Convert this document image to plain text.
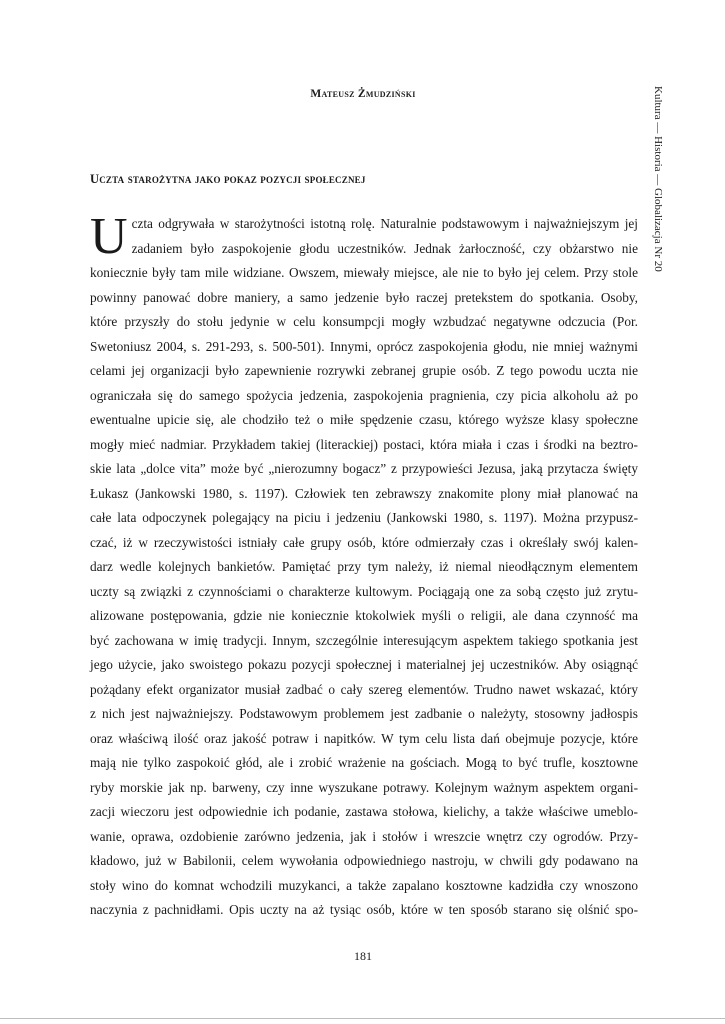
Mateusz Żmudziński	Kultura — Historia — Globalizacja Nr 20
Uczta starożytna jako pokaz pozycji społecznej
U czta odgrywała w starożytności istotną rolę. Naturalnie podstawowym i najważniejszym jej
zadaniem było zaspokojenie głodu uczestników. Jednak żarłoczność, czy obżarstwo nie
koniecznie były tam mile widziane. Owszem, miewały miejsce, ale nie to było jej celem. Przy stole
powinny panować dobre maniery, a samo jedzenie było raczej pretekstem do spotkania. Osoby,
które przyszły do stołu jedynie w celu konsumpcji mogły wzbudzać negatywne odczucia (Por.
Swetoniusz 2004, s. 291-293, s. 500-501). Innymi, oprócz zaspokojenia głodu, nie mniej ważnymi
celami jej organizacji było zapewnienie rozrywki zebranej grupie osób. Z tego powodu uczta nie
ograniczała się do samego spożycia jedzenia, zaspokojenia pragnienia, czy picia alkoholu aż po
ewentualne upicie się, ale chodziło też o miłe spędzenie czasu, którego wyższe klasy społeczne
mogły mieć nadmiar. Przykładem takiej (literackiej) postaci, która miała i czas i środki na beztro-
skie lata „dolce vita” może być „nierozumny bogacz” z przypowieści Jezusa, jaką przytacza święty
Łukasz (Jankowski 1980, s. 1197). Człowiek ten zebrawszy znakomite plony miał planować na
całe lata odpoczynek polegający na piciu i jedzeniu (Jankowski 1980, s. 1197). Można przypusz-
czać, iż w rzeczywistości istniały całe grupy osób, które odmierzały czas i określały swój kalen-
darz wedle kolejnych bankietów. Pamiętać przy tym należy, iż niemal nieodłącznym elementem
uczty są związki z czynnościami o charakterze kultowym. Pociągają one za sobą często już zrytu-
alizowane postępowania, gdzie nie koniecznie ktokolwiek myśli o religii, ale dana czynność ma
być zachowana w imię tradycji. Innym, szczególnie interesującym aspektem takiego spotkania jest
jego użycie, jako swoistego pokazu pozycji społecznej i materialnej jej uczestników. Aby osiągnąć
pożądany efekt organizator musiał zadbać o cały szereg elementów. Trudno nawet wskazać, który
z nich jest najważniejszy. Podstawowym problemem jest zadbanie o należyty, stosowny jadłospis
oraz właściwą ilość oraz jakość potraw i napitków. W tym celu lista dań obejmuje pozycje, które
mają nie tylko zaspokoić głód, ale i zrobić wrażenie na gościach. Mogą to być trufle, kosztowne
ryby morskie jak np. barweny, czy inne wyszukane potrawy. Kolejnym ważnym aspektem organi-
zacji wieczoru jest odpowiednie ich podanie, zastawa stołowa, kielichy, a także właściwe umeblo-
wanie, oprawa, ozdobienie zarówno jedzenia, jak i stołów i wreszcie wnętrz czy ogrodów. Przy-
kładowo, już w Babilonii, celem wywołania odpowiedniego nastroju, w chwili gdy podawano na
stoły wino do komnat wchodzili muzykanci, a także zapalano kosztowne kadzidła czy wnoszono
naczynia z pachnidłami. Opis uczty na aż tysiąc osób, które w ten sposób starano się olśnić spo-

181
